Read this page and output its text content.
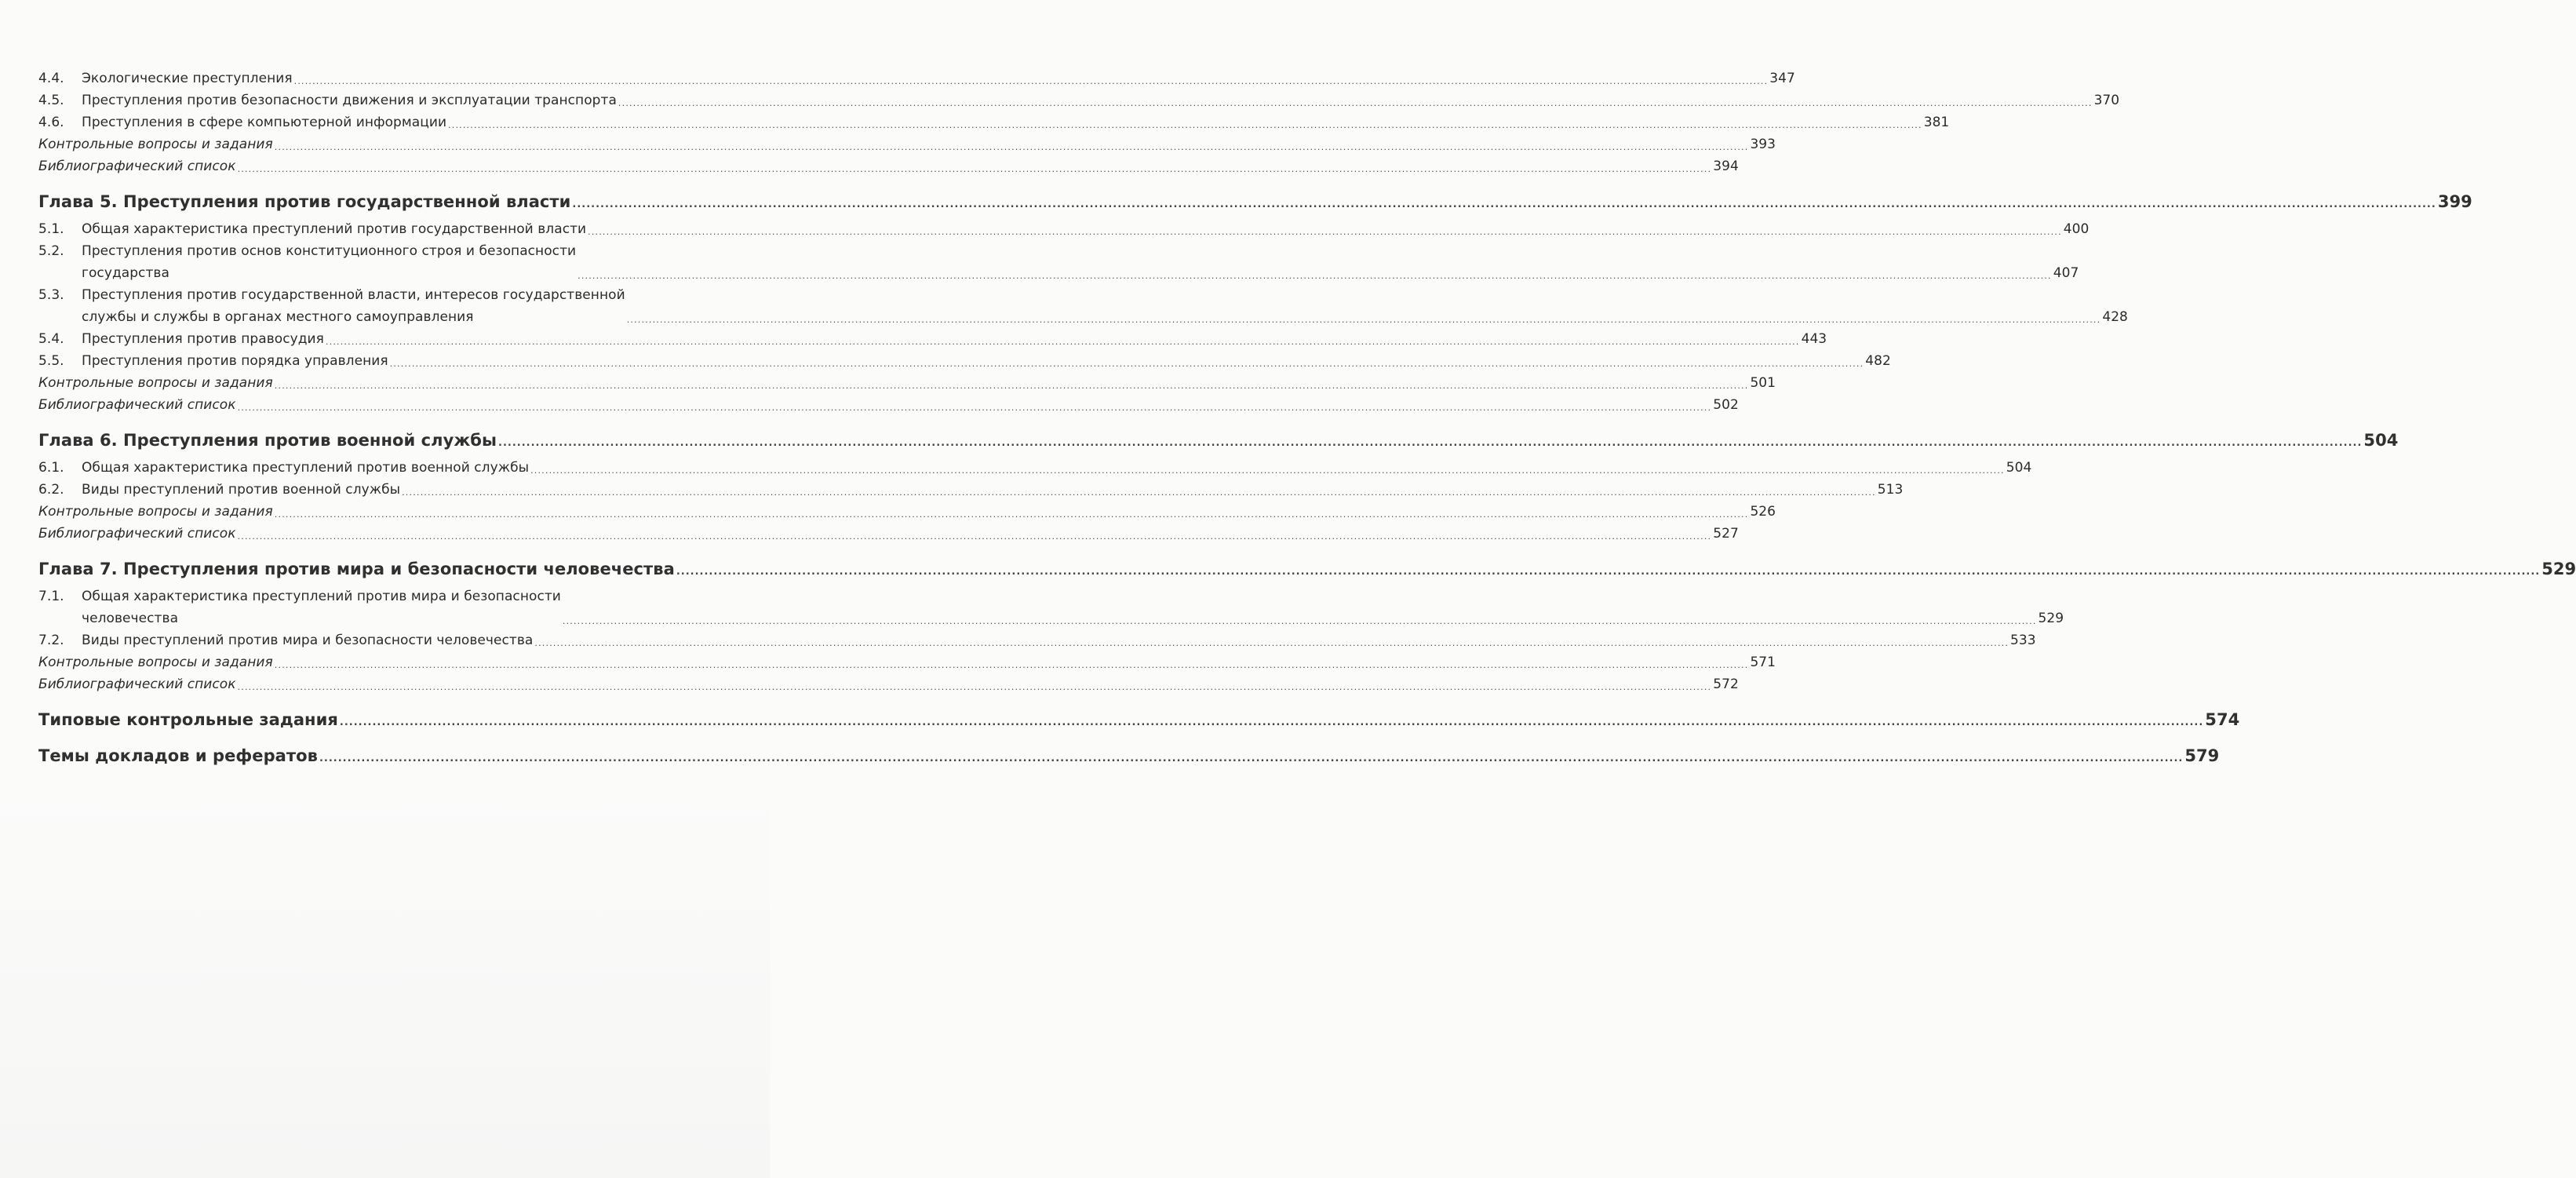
4.4.	Экологические преступления ................................................................................................................................................................................................................................................................................................................................................................................................................ 347
4.5.	Преступления против безопасности движения и эксплуатации транспорта ................................................................................................................................................................................................................................................................................................................................................................................................................ 370
4.6.	Преступления в сфере компьютерной информации ................................................................................................................................................................................................................................................................................................................................................................................................................ 381
Контрольные вопросы и задания ................................................................................................................................................................................................................................................................................................................................................................................................................ 393
Библиографический список ................................................................................................................................................................................................................................................................................................................................................................................................................ 394
Глава 5. Преступления против государственной власти ................................................................................................................................................................................................................................................................................................................................................................................................................ 399
5.1.	Общая характеристика преступлений против государственной власти ................................................................................................................................................................................................................................................................................................................................................................................................................ 400
5.2.	Преступления против основ конституционного строя и безопасности
государства	................................................................................................................................................................................................................................................................................................................................................................................................................ 407
5.3.	Преступления против государственной власти, интересов государственной
службы и службы в органах местного самоуправления	................................................................................................................................................................................................................................................................................................................................................................................................................ 428
5.4.	Преступления против правосудия ................................................................................................................................................................................................................................................................................................................................................................................................................ 443
5.5.	Преступления против порядка управления ................................................................................................................................................................................................................................................................................................................................................................................................................ 482
Контрольные вопросы и задания ................................................................................................................................................................................................................................................................................................................................................................................................................ 501
Библиографический список ................................................................................................................................................................................................................................................................................................................................................................................................................ 502
Глава 6. Преступления против военной службы ................................................................................................................................................................................................................................................................................................................................................................................................................ 504
6.1.	Общая характеристика преступлений против военной службы ................................................................................................................................................................................................................................................................................................................................................................................................................ 504
6.2.	Виды преступлений против военной службы ................................................................................................................................................................................................................................................................................................................................................................................................................ 513
Контрольные вопросы и задания ................................................................................................................................................................................................................................................................................................................................................................................................................ 526
Библиографический список ................................................................................................................................................................................................................................................................................................................................................................................................................ 527
Глава 7. Преступления против мира и безопасности человечества ................................................................................................................................................................................................................................................................................................................................................................................................................ 529
7.1.	Общая характеристика преступлений против мира и безопасности
человечества	................................................................................................................................................................................................................................................................................................................................................................................................................ 529
7.2.	Виды преступлений против мира и безопасности человечества ................................................................................................................................................................................................................................................................................................................................................................................................................ 533
Контрольные вопросы и задания ................................................................................................................................................................................................................................................................................................................................................................................................................ 571
Библиографический список ................................................................................................................................................................................................................................................................................................................................................................................................................ 572
Типовые контрольные задания ................................................................................................................................................................................................................................................................................................................................................................................................................ 574
Темы докладов и рефератов ................................................................................................................................................................................................................................................................................................................................................................................................................ 579
